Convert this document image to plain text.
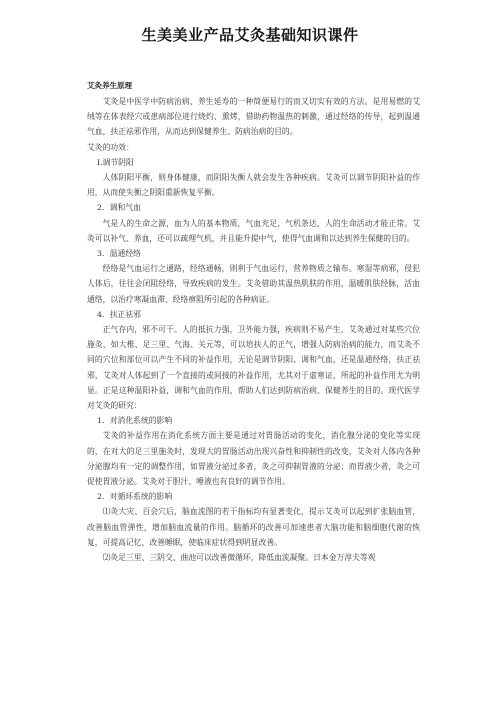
生美美业产品艾灸基础知识课件
艾灸养生原理

艾灸是中医学中防病治病、养生延寿的一种简便易行的而又切实有效的方法。是用易燃的艾绒等在体表经穴或患病部位进行烧灼、熏烤，借助药物温热的刺激，通过经络的传导，起到温通气血，扶正祛邪作用，从而达到保健养生、防病治病的目的。

艾灸的功效：

I.调节阴阳

人体阴阳平衡，则身体健康，而阴阳失衡人就会发生各种疾病。艾灸可以调节阴阳补益的作用，从而使失衡之阴阳重新恢复平衡。

2．调和气血

气是人的生命之源，血为人的基本物质，气血充足，气机条达，人的生命活动才能正常。艾灸可以补气、养血，还可以疏理气机，并且能升提中气，使得气血调和以达到养生保健的目的。

3．温通经络

经络是气血运行之通路，经络通畅，则利于气血运行，营养物质之输布。寒湿等病邪，侵犯人体后，往往会闭阻经络，导致疾病的发生。艾灸借助其温热肌肤的作用，温暖肌肤经脉，活血通络，以治疗寒凝血滞、经络痹阻所引起的各种病证。

4．扶正祛邪

正气存内，邪不可干。人的抵抗力强，卫外能力强，疾病则不易产生，艾灸通过对某些穴位施灸，如大椎、足三里、气海、关元等，可以培扶人的正气，增强人防病治病的能力，而艾灸不同的穴位和部位可以产生不同的补益作用，无论是调节阴阳、调和气血，还是温通经络，扶正祛邪，艾灸对人体起到了一个直接的或间接的补益作用，尤其对于虚寒证，所起的补益作用尤为明显。正是这种温阳补益，调和气血的作用，帮助人们达到防病治病、保健养生的目的。现代医学对艾灸的研究：

1．对消化系统的影响

艾灸的补益作用在消化系统方面主要是通过对胃肠活动的变化，消化腺分泌的变化等实现的，在对大的足三里施灸时，发现大的胃肠活动出现兴奋性和抑制性的改变，艾灸对人体内各种分泌腺均有一定的调整作用，如胃液分泌过多者，灸之可抑制胃液的分泌；而胃液少者，灸之可促使胃液分泌。艾灸对于胆汁、唾液也有良好的调节作用。

2．对循环系统的影响

⑴灸大灾、百会穴后，脑血流图的若干指标均有显著变化，提示艾灸可以起到扩张脑血管，改善脑血管弹性，增加脑血流量的作用。脑循环的改善可加速患者大脑功能和脑细胞代谢的恢复，可提高记忆，改善睡眠，使临床症状得到明显改善。

⑵灸足三里、三阴交、曲池可以改善微循环，降低血流凝聚。日本金万淳夫等观
